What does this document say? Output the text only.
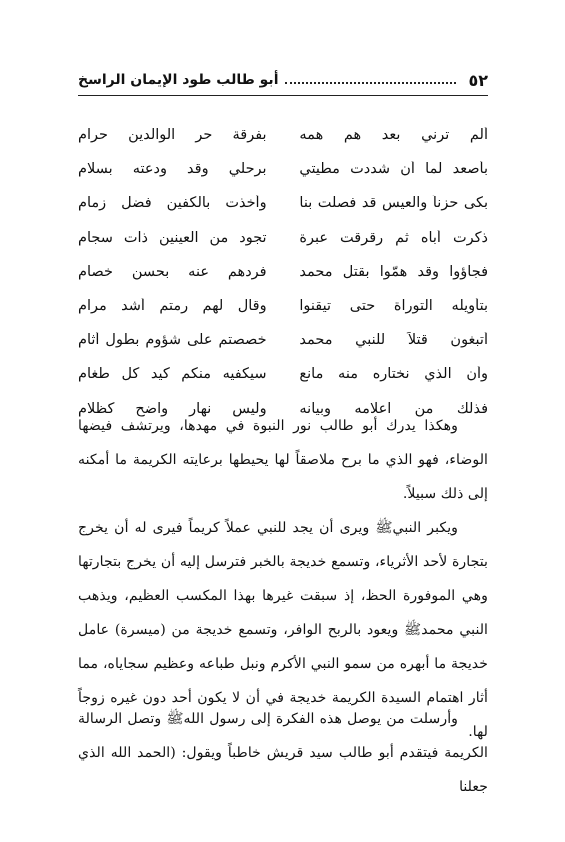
٥٢
أبو طالب طود الإيمان الراسخ
ألم ترني بعد هم همه
بفرقة حر الوالدين حرام
بأصعد لما أن شددت مطيتي
برحلي وقد ودعته بسلام
بكى حزناً والعيس قد فصلت بنا
وأخذت بالكفين فضل زمام
ذكرت أباه ثم رقرقت عبرة
تجود من العينين ذات سجام
فجاؤوا وقد همّوا بقتل محمد
فردهم عنه بحسن خصام
بتأويله التوراة حتى تيقنوا
وقال لهم رمتم أشد مرام
أتبغون قتلاً للنبي محمد
خصصتم على شؤوم بطول أثام
وأن الذي نختاره منه مانع
سيكفيه منكم كيد كل طغام
فذلك من اعلامه وبيانه
وليس نهار واضح كظلام

وهكذا يدرك أبو طالب نور النبوة في مهدها، ويرتشف فيضها الوضاء، فهو الذي ما برح ملاصقاً لها يحيطها برعايته الكريمة ما أمكنه إلى ذلك سبيلاً.

ويكبر النبيﷺ ويرى أن يجد للنبي عملاً كريماً فيرى له أن يخرج بتجارة لأحد الأثرياء، وتسمع خديجة بالخبر فترسل إليه أن يخرج بتجارتها وهي الموفورة الحظ، إذ سبقت غيرها بهذا المكسب العظيم، ويذهب النبي محمدﷺ ويعود بالربح الوافر، وتسمع خديجة من (ميسرة) عامل خديجة ما أبهره من سمو النبي الأكرم ونبل طباعه وعظيم سجاياه، مما أثار اهتمام السيدة الكريمة خديجة في أن لا يكون أحد دون غيره زوجاً لها.

وأرسلت من يوصل هذه الفكرة إلى رسول اللهﷺ وتصل الرسالة الكريمة فيتقدم أبو طالب سيد قريش خاطباً ويقول: (الحمد الله الذي جعلنا
